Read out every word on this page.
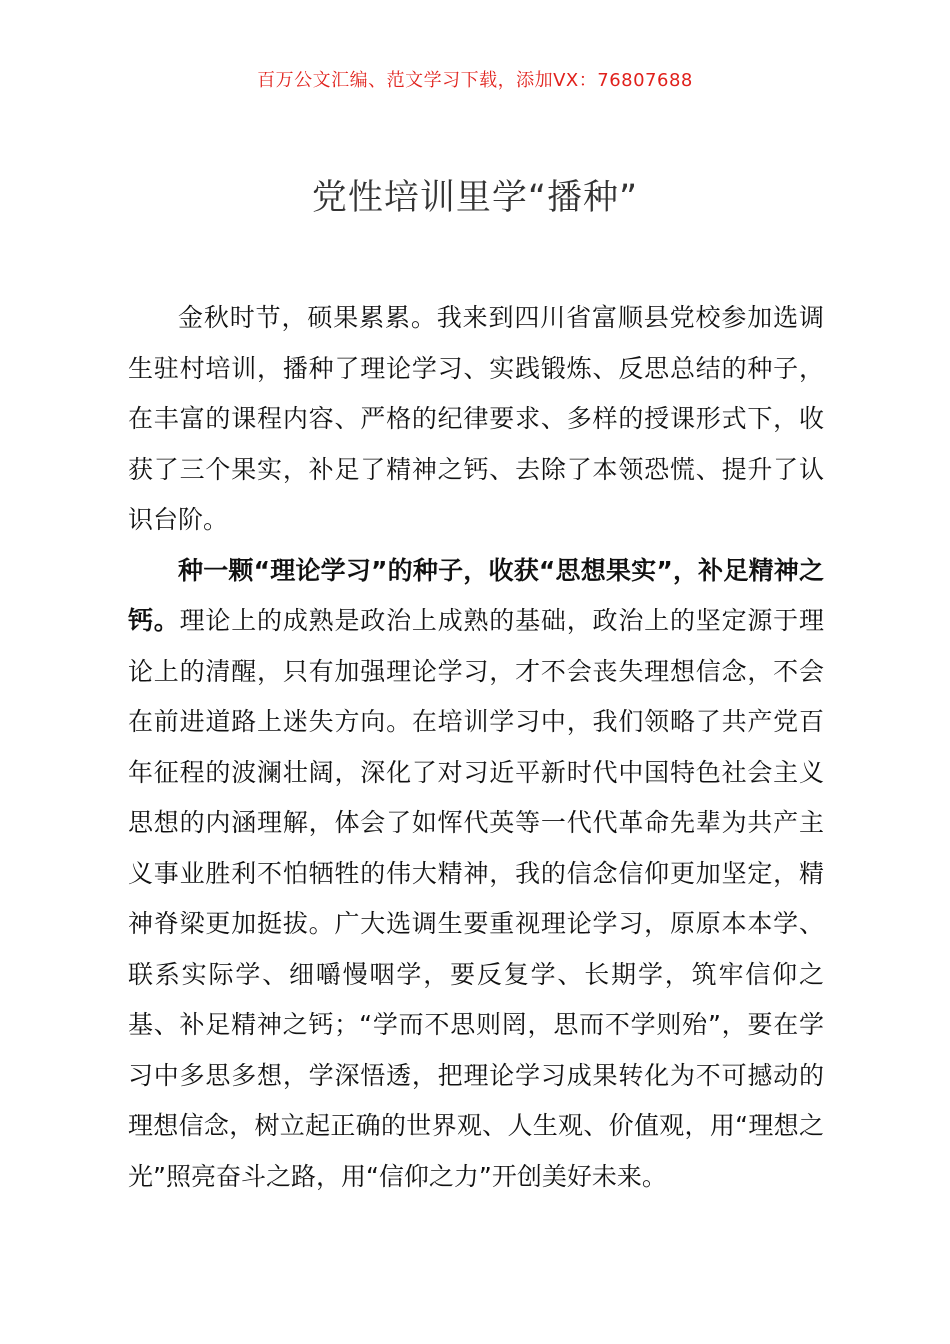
百万公文汇编、范文学习下载，添加VX：76807688
党性培训里学“播种”

金秋时节，硕果累累。我来到四川省富顺县党校参加选调生驻村培训，播种了理论学习、实践锻炼、反思总结的种子，在丰富的课程内容、严格的纪律要求、多样的授课形式下，收获了三个果实，补足了精神之钙、去除了本领恐慌、提升了认识台阶。

种一颗“理论学习”的种子，收获“思想果实”，补足精神之钙。理论上的成熟是政治上成熟的基础，政治上的坚定源于理论上的清醒，只有加强理论学习，才不会丧失理想信念，不会在前进道路上迷失方向。在培训学习中，我们领略了共产党百年征程的波澜壮阔，深化了对习近平新时代中国特色社会主义思想的内涵理解，体会了如恽代英等一代代革命先辈为共产主义事业胜利不怕牺牲的伟大精神，我的信念信仰更加坚定，精神脊梁更加挺拔。广大选调生要重视理论学习，原原本本学、联系实际学、细嚼慢咽学，要反复学、长期学，筑牢信仰之基、补足精神之钙；“学而不思则罔，思而不学则殆”，要在学习中多思多想，学深悟透，把理论学习成果转化为不可撼动的理想信念，树立起正确的世界观、人生观、价值观，用“理想之光”照亮奋斗之路，用“信仰之力”开创美好未来。
